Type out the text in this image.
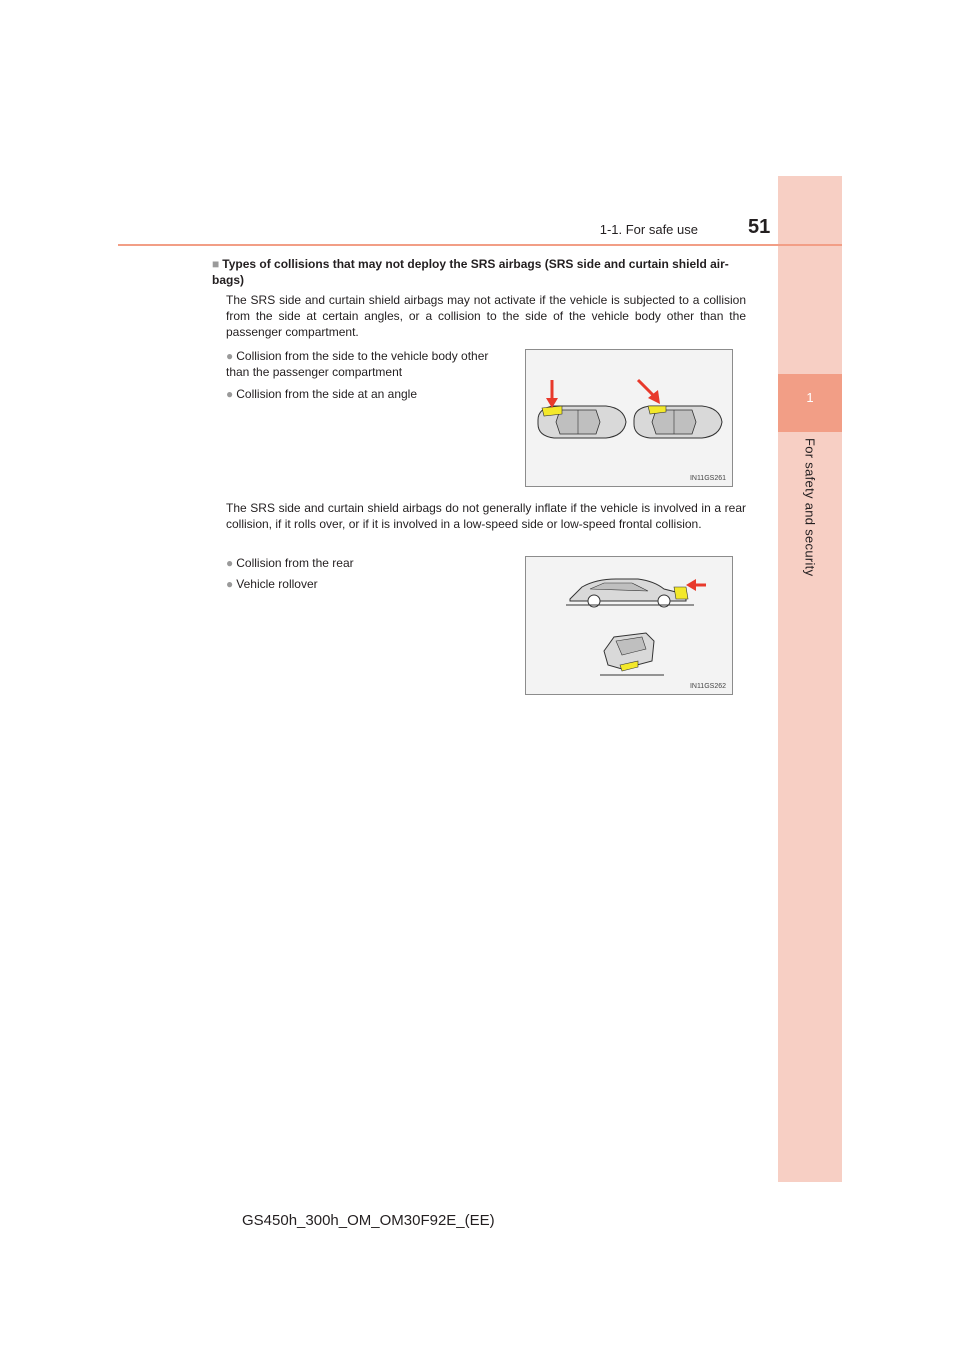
1
For safety and security
1-1. For safe use	51
■ Types of collisions that may not deploy the SRS airbags (SRS side and curtain shield air-bags)
The SRS side and curtain shield airbags may not activate if the vehicle is subjected to a collision from the side at certain angles, or a collision to the side of the vehicle body other than the passenger compartment.
● Collision from the side to the vehicle body other than the passenger compartment
● Collision from the side at an angle
IN11GS261
The SRS side and curtain shield airbags do not generally inflate if the vehicle is involved in a rear collision, if it rolls over, or if it is involved in a low-speed side or low-speed frontal collision.
● Collision from the rear
● Vehicle rollover
IN11GS262
GS450h_300h_OM_OM30F92E_(EE)
